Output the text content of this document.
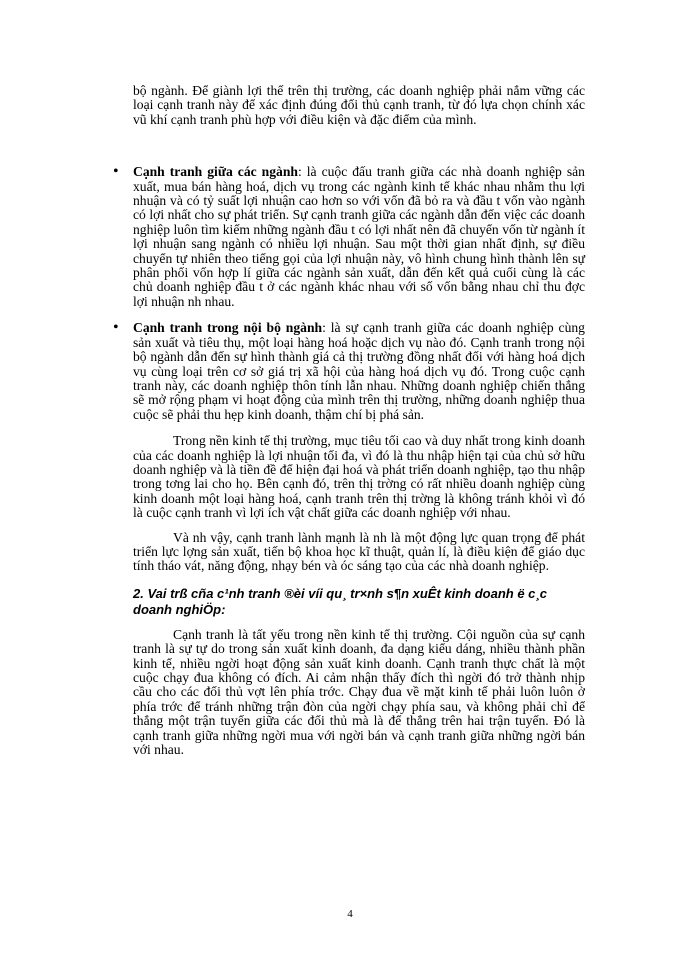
bộ ngành. Để giành lợi thế trên thị trường, các doanh nghiệp phải nắm vững các loại cạnh tranh này để xác định đúng đối thủ cạnh tranh, từ đó lựa chọn chính xác vũ khí cạnh tranh phù hợp với điều kiện và đặc điểm của mình.

• Cạnh tranh giữa các ngành: là cuộc đấu tranh giữa các nhà doanh nghiệp sản xuất, mua bán hàng hoá, dịch vụ trong các ngành kinh tế khác nhau nhằm thu lợi nhuận và có tỷ suất lợi nhuận cao hơn so với vốn đã bỏ ra và đầu t vốn vào ngành có lợi nhất cho sự phát triển. Sự cạnh tranh giữa các ngành dẫn đến việc các doanh nghiệp luôn tìm kiếm những ngành đầu t có lợi nhất nên đã chuyển vốn từ ngành ít lợi nhuận sang ngành có nhiều lợi nhuận. Sau một thời gian nhất định, sự điều chuyển tự nhiên theo tiếng gọi của lợi nhuận này, vô hình chung hình thành lên sự phân phối vốn hợp lí giữa các ngành sản xuất, dẫn đến kết quả cuối cùng là các chủ doanh nghiệp đầu t ở các ngành khác nhau với số vốn bằng nhau chỉ thu đợc lợi nhuận nh nhau.

• Cạnh tranh trong nội bộ ngành: là sự cạnh tranh giữa các doanh nghiệp cùng sản xuất và tiêu thụ, một loại hàng hoá hoặc dịch vụ nào đó. Cạnh tranh trong nội bộ ngành dẫn đến sự hình thành giá cả thị trường đồng nhất đối với hàng hoá dịch vụ cùng loại trên cơ sở giá trị xã hội của hàng hoá dịch vụ đó. Trong cuộc cạnh tranh này, các doanh nghiệp thôn tính lẫn nhau. Những doanh nghiệp chiến thắng sẽ mở rộng phạm vi hoạt động của mình trên thị trường, những doanh nghiệp thua cuộc sẽ phải thu hẹp kinh doanh, thậm chí bị phá sản.

Trong nền kinh tế thị trường, mục tiêu tối cao và duy nhất trong kinh doanh của các doanh nghiệp là lợi nhuận tối đa, vì đó là thu nhập hiện tại của chủ sở hữu doanh nghiệp và là tiền đề để hiện đại hoá và phát triển doanh nghiệp, tạo thu nhập trong tơng lai cho họ. Bên cạnh đó, trên thị trờng có rất nhiều doanh nghiệp cùng kinh doanh một loại hàng hoá, cạnh tranh trên thị trờng là không tránh khỏi vì đó là cuộc cạnh tranh vì lợi ích vật chất giữa các doanh nghiệp với nhau.

Và nh vậy, cạnh tranh lành mạnh là nh là một động lực quan trọng để phát triển lực lợng sản xuất, tiến bộ khoa học kĩ thuật, quản lí, là điều kiện để giáo dục tính tháo vát, năng động, nhạy bén và óc sáng tạo của các nhà doanh nghiệp.

2. Vai trß cña c¹nh tranh ®èi víi qu¸ tr×nh s¶n xuÊt kinh doanh ë c¸c doanh nghiÖp:

Cạnh tranh là tất yếu trong nền kinh tế thị trường. Cội nguồn của sự cạnh tranh là sự tự do trong sản xuất kinh doanh, đa dạng kiểu dáng, nhiều thành phần kinh tế, nhiều ngời hoạt động sản xuất kinh doanh. Cạnh tranh thực chất là một cuộc chạy đua không có đích. Ai cảm nhận thấy đích thì ngời đó trở thành nhịp cầu cho các đối thủ vợt lên phía trớc. Chạy đua về mặt kinh tế phải luôn luôn ở phía trớc để tránh những trận đòn của ngời chạy phía sau, và không phải chỉ để thắng một trận tuyến giữa các đối thủ mà là để thắng trên hai trận tuyến. Đó là cạnh tranh giữa những ngời mua với ngời bán và cạnh tranh giữa những ngời bán với nhau.

4
